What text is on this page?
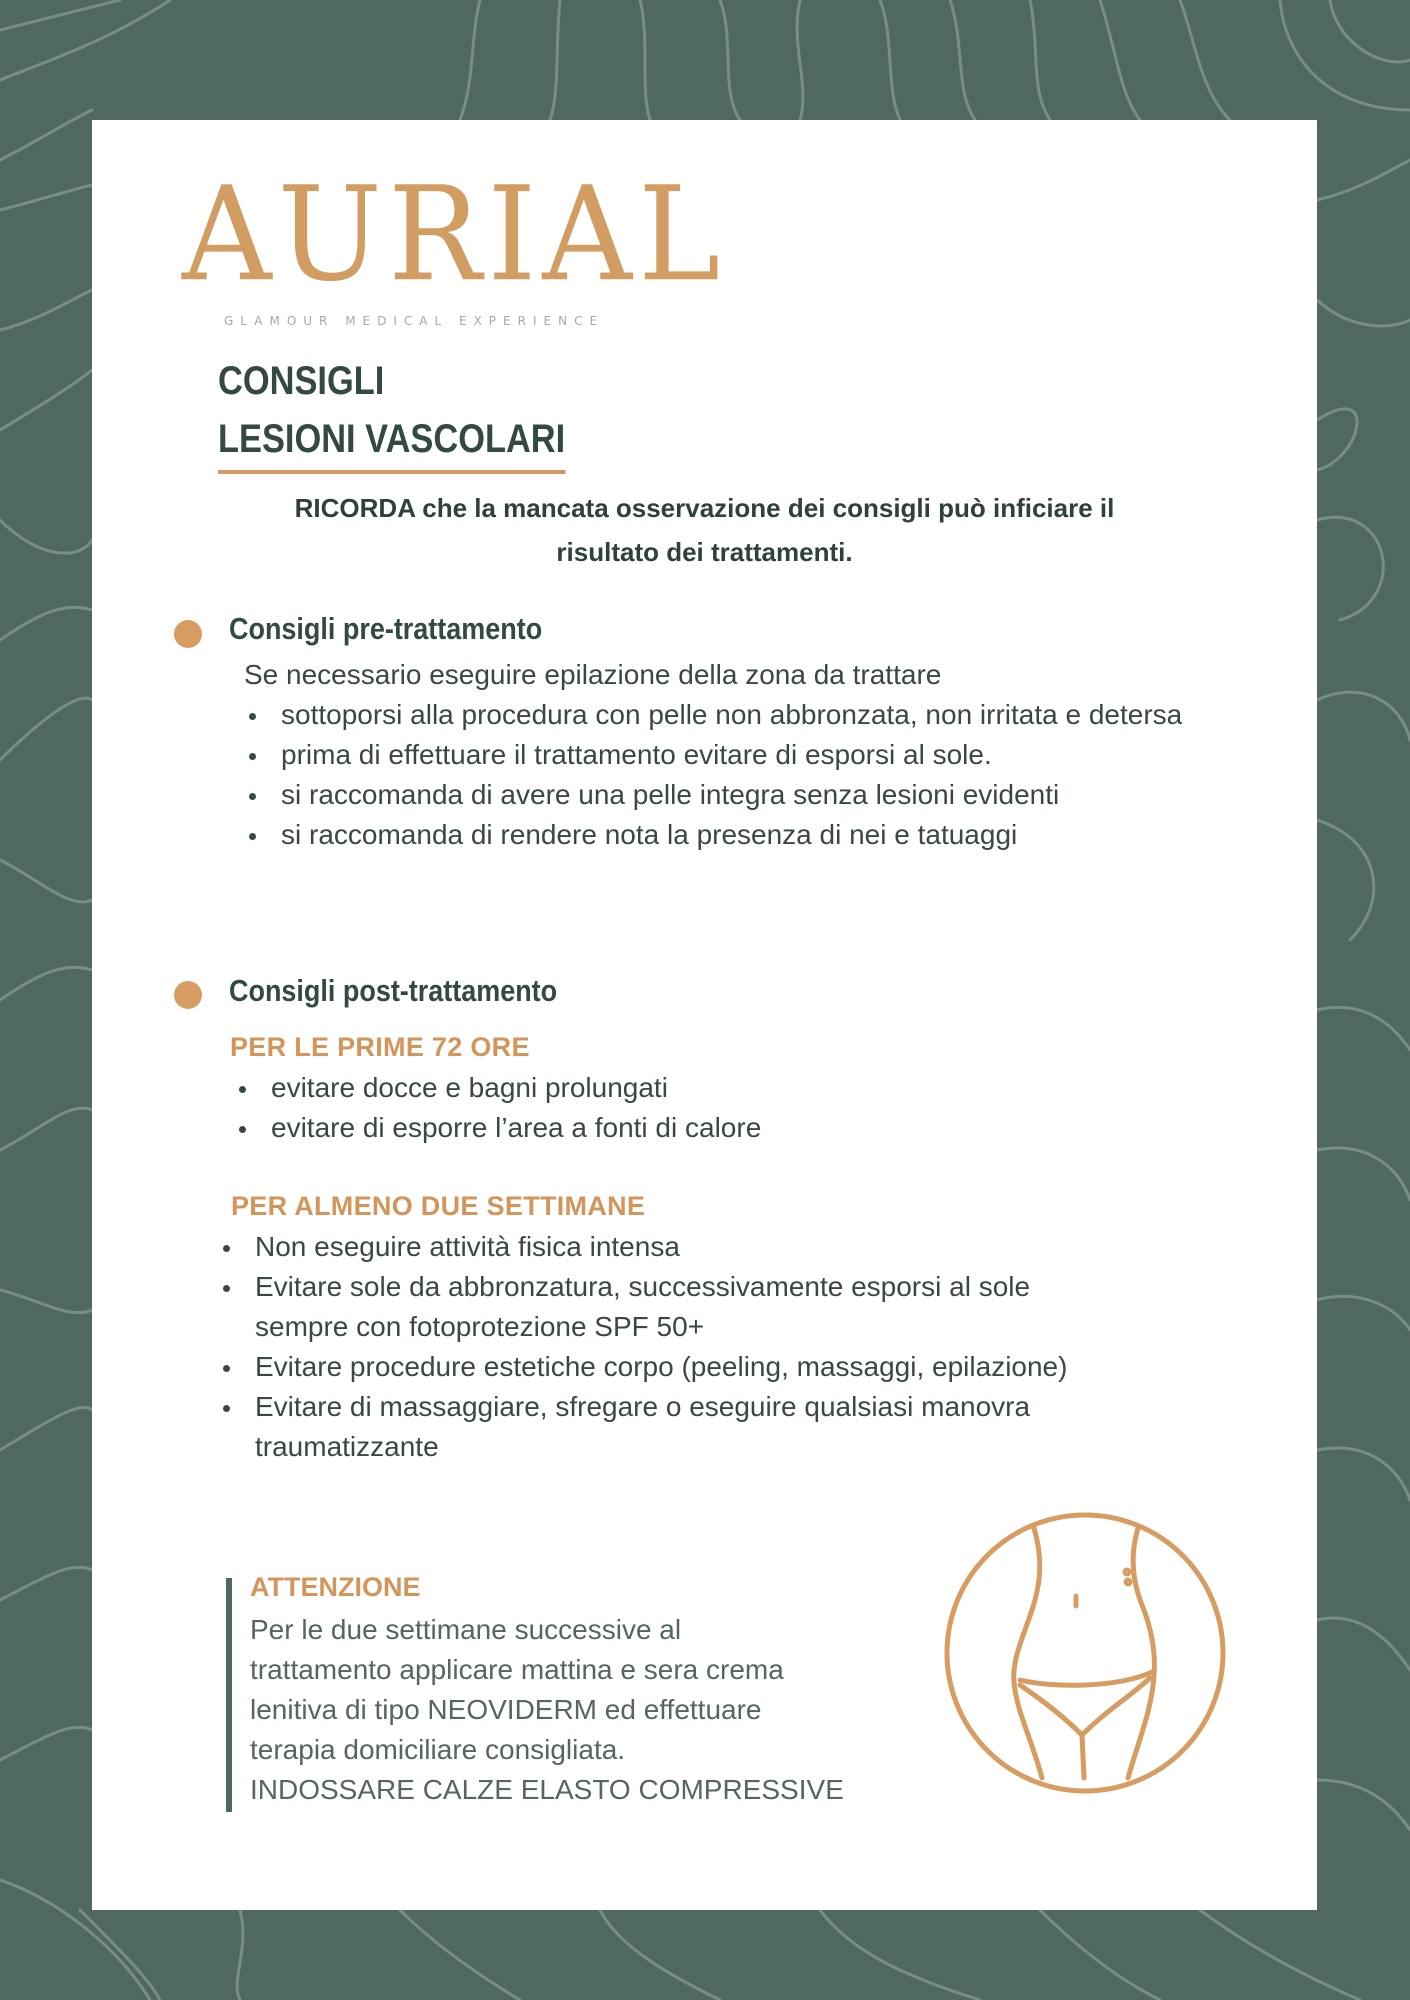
AURIAL
GLAMOUR MEDICAL EXPERIENCE
CONSIGLI
LESIONI VASCOLARI
RICORDA che la mancata osservazione dei consigli può inficiare il risultato dei trattamenti.
Consigli pre-trattamento
Se necessario eseguire epilazione della zona da trattare
sottoporsi alla procedura con pelle non abbronzata, non irritata e detersa
prima di effettuare il trattamento evitare di esporsi al sole.
si raccomanda di avere una pelle integra senza lesioni evidenti
si raccomanda di rendere nota la presenza di nei e tatuaggi
Consigli post-trattamento
PER LE PRIME 72 ORE
evitare docce e bagni prolungati
evitare di esporre l’area a fonti di calore
PER ALMENO DUE SETTIMANE
Non eseguire attività fisica intensa
Evitare sole da abbronzatura, successivamente esporsi al sole sempre con fotoprotezione SPF 50+
Evitare procedure estetiche corpo (peeling, massaggi, epilazione)
Evitare di massaggiare, sfregare o eseguire qualsiasi manovra traumatizzante
ATTENZIONE

Per le due settimane successive al
trattamento applicare mattina e sera crema
lenitiva di tipo NEOVIDERM ed effettuare
terapia domiciliare consigliata.
INDOSSARE CALZE ELASTO COMPRESSIVE
